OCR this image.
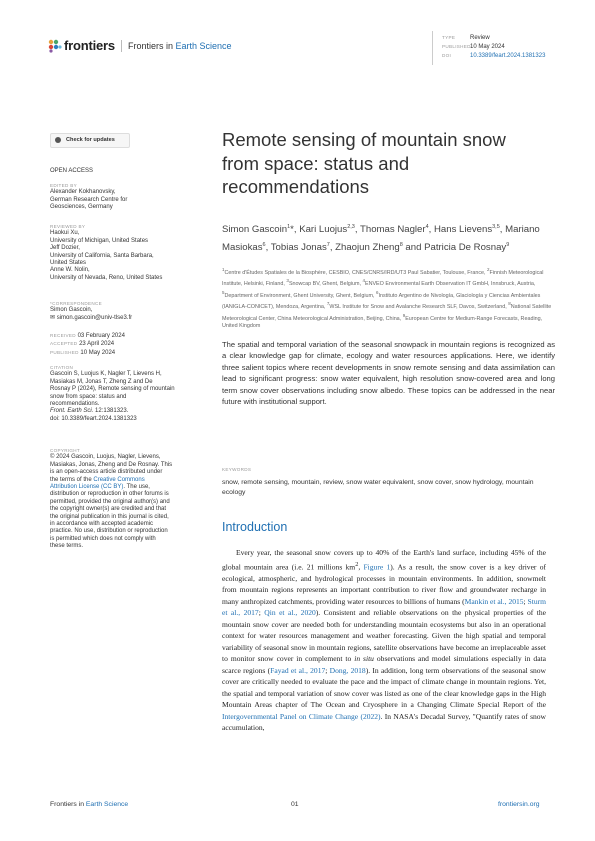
frontiers Frontiers in Earth Science
TYPE Review
PUBLISHED10 May 2024
DOI	10.3389/feart.2024.1381323
Check for updates
OPEN ACCESS
EDITED BY
Alexander Kokhanovsky,
German Research Centre for
Geosciences, Germany
REVIEWED BY
Haokui Xu,
University of Michigan, United States
Jeff Dozier,
University of California, Santa Barbara,
United States
Anne W. Nolin,
University of Nevada, Reno, United States
*CORRESPONDENCE
Simon Gascoin,
✉ simon.gascoin@univ-tlse3.fr
RECEIVED 03 February 2024
ACCEPTED 23 April 2024
PUBLISHED 10 May 2024
CITATION
Gascoin S, Luojus K, Nagler T, Lievens H,
Masiakas M, Jonas T, Zheng Z and De
Rosnay P (2024), Remote sensing of mountain
snow from space: status and
recommendations.
Front. Earth Sci. 12:1381323.
doi: 10.3389/feart.2024.1381323
COPYRIGHT
© 2024 Gascoin, Luojus, Nagler, Lievens,
Masiakas, Jonas, Zheng and De Rosnay. This
is an open-access article distributed under
the terms of the Creative Commons
Attribution License (CC BY). The use,
distribution or reproduction in other forums is
permitted, provided the original author(s) and
the copyright owner(s) are credited and that
the original publication in this journal is cited,
in accordance with accepted academic
practice. No use, distribution or reproduction
is permitted which does not comply with
these terms.
Remote sensing of mountain snow from space: status and recommendations
Simon Gascoin$^1$*, Kari Luojus$^{2,3}$, Thomas Nagler$^4$, Hans Lievens$^{3,5}$, Mariano Masiokas$^6$, Tobias Jonas$^7$, Zhaojun Zheng$^8$ and Patricia De Rosnay$^9$
$^1$Centre d'Études Spatiales de la Biosphère, CESBIO, CNES/CNRS/IRD/UT3 Paul Sabatier, Toulouse, France, $^2$Finnish Meteorological Institute, Helsinki, Finland, $^3$Snowcap BV, Ghent, Belgium, $^4$ENVEO Environmental Earth Observation IT GmbH, Innsbruck, Austria, $^5$Department of Environment, Ghent University, Ghent, Belgium, $^6$Instituto Argentino de Nivología, Glaciología y Ciencias Ambientales (IANIGLA-CONICET), Mendoza, Argentina, $^7$WSL Institute for Snow and Avalanche Research SLF, Davos, Switzerland, $^8$National Satellite Meteorological Center, China Meteorological Administration, Beijing, China, $^9$European Centre for Medium-Range Forecasts, Reading, United Kingdom
The spatial and temporal variation of the seasonal snowpack in mountain regions is recognized as a clear knowledge gap for climate, ecology and water resources applications. Here, we identify three salient topics where recent developments in snow remote sensing and data assimilation can lead to significant progress: snow water equivalent, high resolution snow-covered area and long term snow cover observations including snow albedo. These topics can be addressed in the near future with institutional support.
KEYWORDS
snow, remote sensing, mountain, review, snow water equivalent, snow cover, snow hydrology, mountain ecology
Introduction

Every year, the seasonal snow covers up to 40% of the Earth's land surface, including 45% of the global mountain area (i.e. 21 millions $km^2$, Figure 1). As a result, the snow cover is a key driver of ecological, atmospheric, and hydrological processes in mountain environments. In addition, snowmelt from mountain regions represents an important contribution to river flow and groundwater recharge in many anthropized catchments, providing water resources to billions of humans (Mankin et al., 2015; Sturm et al., 2017; Qin et al., 2020). Consistent and reliable observations on the physical properties of the mountain snow cover are needed both for understanding mountain ecosystems but also in an operational context for water resources management and weather forecasting. Given the high spatial and temporal variability of seasonal snow in mountain regions, satellite observations have become an irreplaceable asset to monitor snow cover in complement to in situ observations and model simulations especially in data scarce regions (Fayad et al., 2017; Dong, 2018). In addition, long term observations of the seasonal snow cover are critically needed to evaluate the pace and the impact of climate change in mountain regions. Yet, the spatial and temporal variation of snow cover was listed as one of the clear knowledge gaps in the High Mountain Areas chapter of The Ocean and Cryosphere in a Changing Climate Special Report of the Intergovernmental Panel on Climate Change (2022). In NASA's Decadal Survey, "Quantify rates of snow accumulation,

Frontiers in Earth Science	01	frontiersin.org
